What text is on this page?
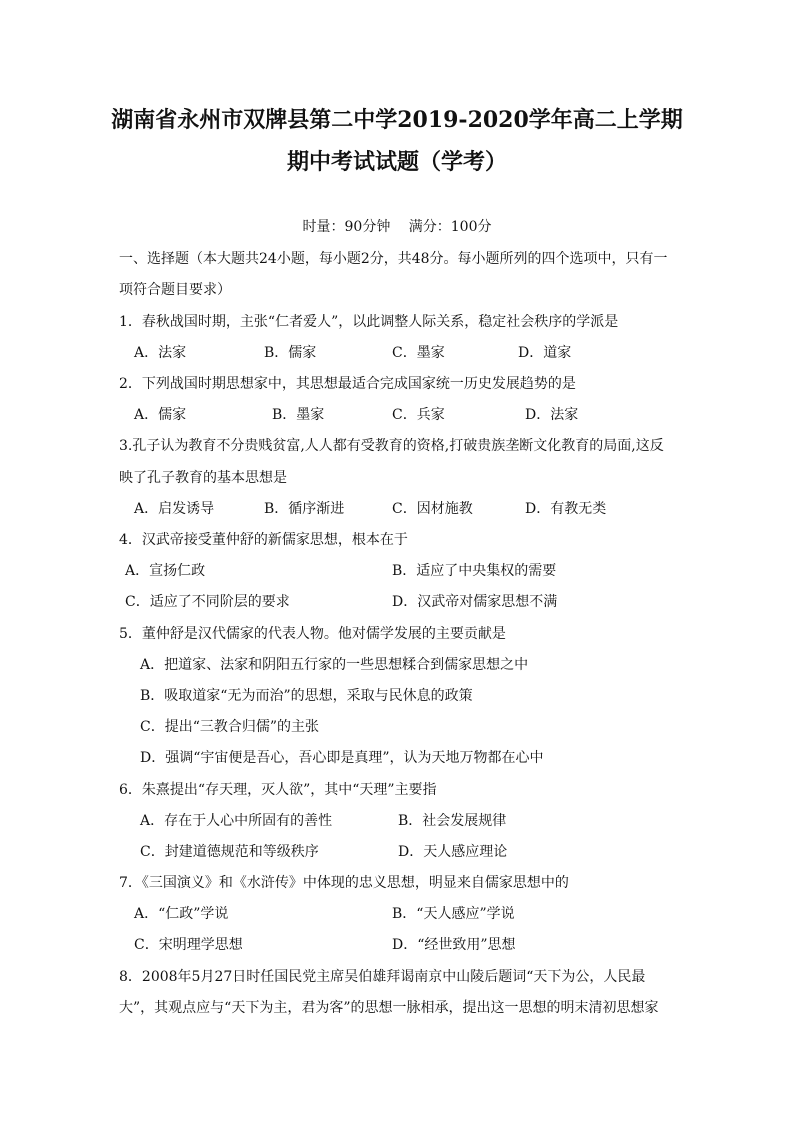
湖南省永州市双牌县第二中学2019-2020学年高二上学期
期中考试试题（学考）
时量：90分钟　 满分：100分
一、选择题（本大题共24小题，每小题2分，共48分。每小题所列的四个选项中，只有一
项符合题目要求）
1．春秋战国时期，主张“仁者爱人”，以此调整人际关系，稳定社会秩序的学派是
A．法家	B．儒家	C．墨家	D．道家
2．下列战国时期思想家中，其思想最适合完成国家统一历史发展趋势的是
A．儒家	B．墨家	C．兵家	D．法家
3.孔子认为教育不分贵贱贫富,人人都有受教育的资格,打破贵族垄断文化教育的局面,这反
映了孔子教育的基本思想是
A．启发诱导	B．循序渐进	C．因材施教	D．有教无类
4．汉武帝接受董仲舒的新儒家思想，根本在于
A．宣扬仁政	B．适应了中央集权的需要
C．适应了不同阶层的要求	D．汉武帝对儒家思想不满
5．董仲舒是汉代儒家的代表人物。他对儒学发展的主要贡献是
A．把道家、法家和阴阳五行家的一些思想糅合到儒家思想之中
B．吸取道家“无为而治”的思想，采取与民休息的政策
C．提出“三教合归儒”的主张
D．强调“宇宙便是吾心，吾心即是真理”，认为天地万物都在心中
6．朱熹提出“存天理，灭人欲”，其中“天理”主要指
A．存在于人心中所固有的善性	B．社会发展规律
C．封建道德规范和等级秩序	D．天人感应理论
7．《三国演义》和《水浒传》中体现的忠义思想，明显来自儒家思想中的
A．“仁政”学说	B．“天人感应”学说
C．宋明理学思想	D．“经世致用”思想
8．2008年5月27日时任国民党主席吴伯雄拜谒南京中山陵后题词“天下为公，人民最
大”，其观点应与“天下为主，君为客”的思想一脉相承，提出这一思想的明末清初思想家
